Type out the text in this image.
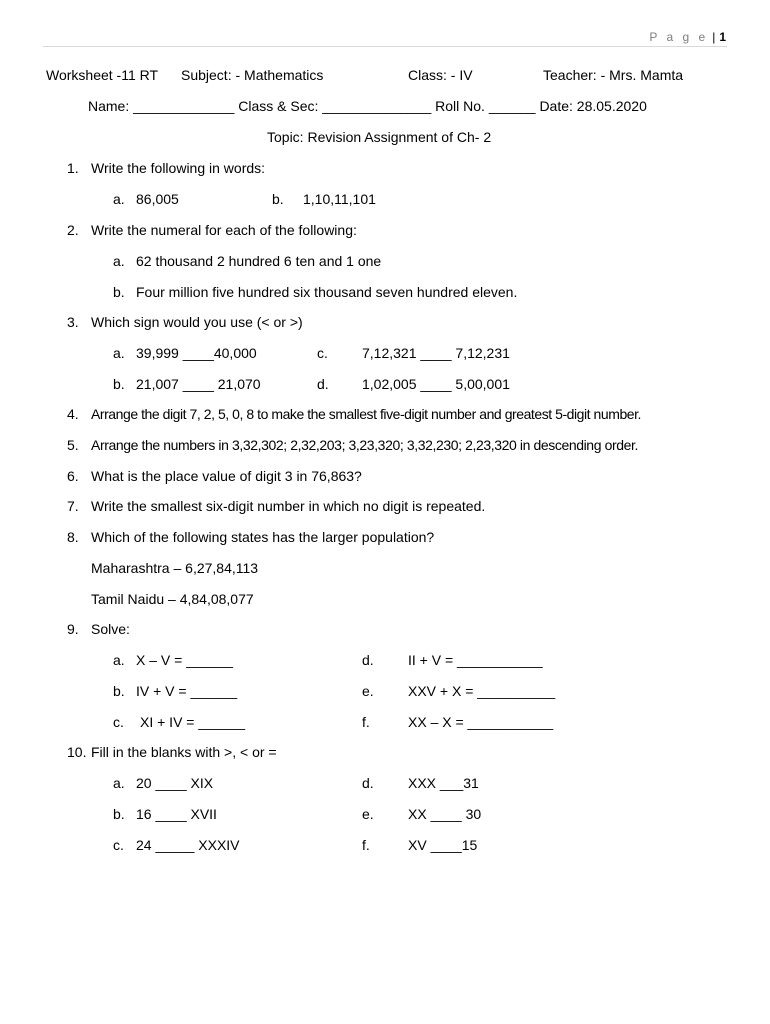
P a g e | 1
Worksheet -11 RT Subject: - Mathematics	Class: - IV	Teacher: - Mrs. Mamta
Name: _____________ Class & Sec: ______________ Roll No. ______ Date: 28.05.2020
Topic: Revision Assignment of Ch- 2
1. Write the following in words:
a. 86,005	b. 1,10,11,101
2. Write the numeral for each of the following:
a. 62 thousand 2 hundred 6 ten and 1 one
b. Four million five hundred six thousand seven hundred eleven.
3. Which sign would you use (< or >)
a. 39,999 ____40,000	c. 7,12,321 ____ 7,12,231
b. 21,007 ____ 21,070	d. 1,02,005 ____ 5,00,001
4. Arrange the digit 7, 2, 5, 0, 8 to make the smallest five-digit number and greatest 5-digit number.
5. Arrange the numbers in 3,32,302; 2,32,203; 3,23,320; 3,32,230; 2,23,320 in descending order.
6. What is the place value of digit 3 in 76,863?
7. Write the smallest six-digit number in which no digit is repeated.
8. Which of the following states has the larger population?
Maharashtra – 6,27,84,113
Tamil Naidu – 4,84,08,077
9. Solve:
a. X – V = ______	d. II + V = ___________
b. IV + V = ______	e. XXV + X = __________
c. XI + IV = ______	f.	XX – X = ___________
10. Fill in the blanks with >, < or =
a. 20 ____ XIX	d. XXX ___31
b. 16 ____ XVII	e. XX ____ 30
c. 24 _____ XXXIV	f.	XV ____15
